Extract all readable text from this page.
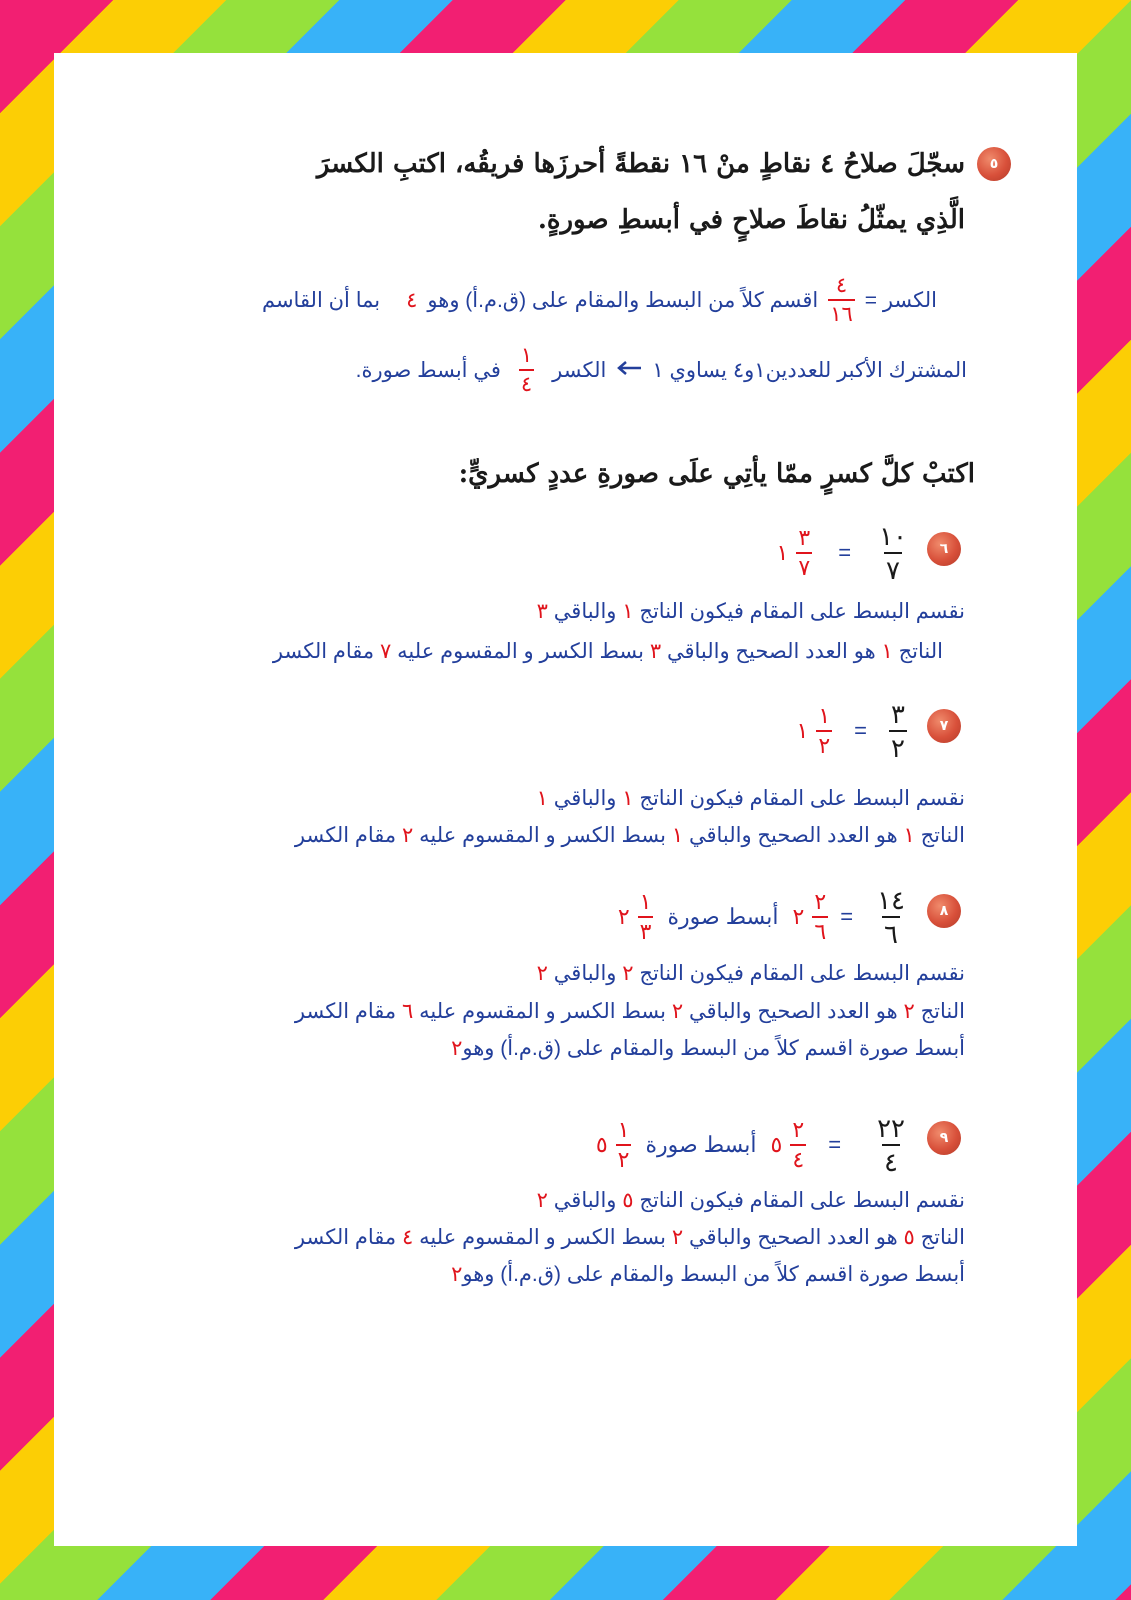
٥
سجّلَ صلاحُ ٤ نقاطٍ منْ ١٦ نقطةً أحرزَها فريقُه، اكتبِ الكسرَ
الَّذِي يمثّلُ نقاطَ صلاحٍ في أبسطِ صورةٍ.
الكسر =
$\frac{٤}{١٦}$
اقسم كلاً من البسط والمقام على (ق.م.أ) وهو
٤
بما أن القاسم
المشترك الأكبر للعددين١و٤ يساوي ١
الكسر
$\frac{١}{٤}$
في أبسط صورة.
اكتبْ كلَّ كسرٍ ممّا يأتِي علَى صورةِ عددٍ كسريٍّ:
٦
١ $\frac{٣}{٧} = \frac{١٠}{٧}$
نقسم البسط على المقام فيكون الناتج ١ والباقي ٣
الناتج ١ هو العدد الصحيح والباقي ٣ بسط الكسر و المقسوم عليه ٧ مقام الكسر
٧
١ $\frac{١}{٢} = \frac{٣}{٢}$
نقسم البسط على المقام فيكون الناتج ١ والباقي ١
الناتج ١ هو العدد الصحيح والباقي ١ بسط الكسر و المقسوم عليه ٢ مقام الكسر
٨
٢ $\frac{١}{٣}$ أبسط صورة ٢ $\frac{٢}{٦} = \frac{١٤}{٦}$
نقسم البسط على المقام فيكون الناتج ٢ والباقي ٢
الناتج ٢ هو العدد الصحيح والباقي ٢ بسط الكسر و المقسوم عليه ٦ مقام الكسر
أبسط صورة اقسم كلاً من البسط والمقام على (ق.م.أ) وهو٢
٩
٥ $\frac{١}{٢}$ أبسط صورة ٥ $\frac{٢}{٤} = \frac{٢٢}{٤}$
نقسم البسط على المقام فيكون الناتج ٥ والباقي ٢
الناتج ٥ هو العدد الصحيح والباقي ٢ بسط الكسر و المقسوم عليه ٤ مقام الكسر
أبسط صورة اقسم كلاً من البسط والمقام على (ق.م.أ) وهو٢
